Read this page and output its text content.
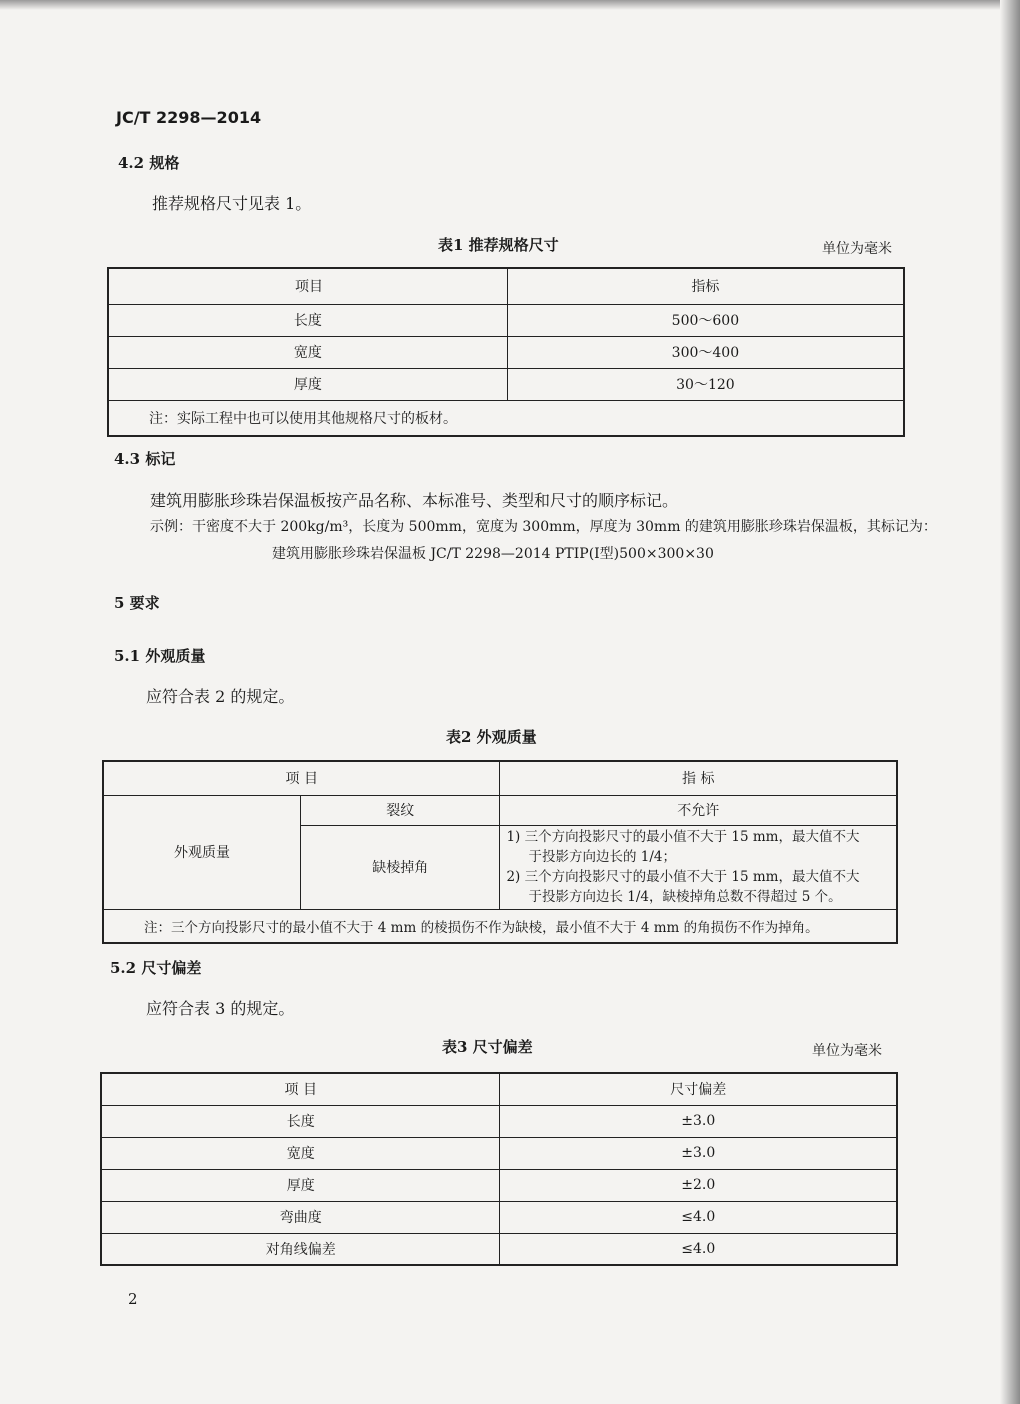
JC/T 2298—2014
4.2 规格
推荐规格尺寸见表 1。
表1 推荐规格尺寸	单位为毫米
项目	指标
长度	500～600
宽度	300～400
厚度	30～120
注：实际工程中也可以使用其他规格尺寸的板材。	
4.3 标记
建筑用膨胀珍珠岩保温板按产品名称、本标准号、类型和尺寸的顺序标记。
示例：干密度不大于 200kg/m³，长度为 500mm，宽度为 300mm，厚度为 30mm 的建筑用膨胀珍珠岩保温板，其标记为：
建筑用膨胀珍珠岩保温板 JC/T 2298—2014 PTIP(Ⅰ型)500×300×30
5 要求
5.1 外观质量
应符合表 2 的规定。
表2 外观质量
项 目		指 标
外观质量	裂纹	不允许
	缺棱掉角	1) 三个方向投影尺寸的最小值不大于 15 mm，最大值不大
于投影方向边长的 1/4；
2) 三个方向投影尺寸的最小值不大于 15 mm，最大值不大
于投影方向边长 1/4，缺棱掉角总数不得超过 5 个。

注：三个方向投影尺寸的最小值不大于 4 mm 的棱损伤不作为缺棱，最小值不大于 4 mm 的角损伤不作为掉角。		
5.2 尺寸偏差
应符合表 3 的规定。
表3 尺寸偏差	单位为毫米
项 目	尺寸偏差
长度	±3.0
宽度	±3.0
厚度	±2.0
弯曲度	≤4.0
对角线偏差	≤4.0
2
